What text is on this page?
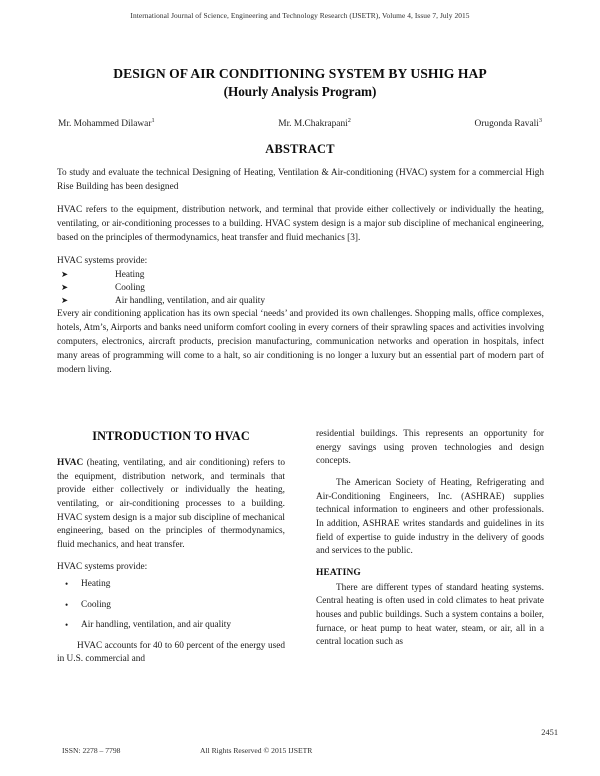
International Journal of Science, Engineering and Technology Research (IJSETR), Volume 4, Issue 7, July 2015
DESIGN OF AIR CONDITIONING SYSTEM BY USHIG HAP
(Hourly Analysis Program)
Mr. Mohammed Dilawar$^1$	Mr. M.Chakrapani$^2$	Orugonda Ravali$^3$
ABSTRACT

To study and evaluate the technical Designing of Heating, Ventilation & Air-conditioning (HVAC) system for a commercial High Rise Building has been designed

HVAC refers to the equipment, distribution network, and terminal that provide either collectively or individually the heating, ventilating, or air-conditioning processes to a building. HVAC system design is a major sub discipline of mechanical engineering, based on the principles of thermodynamics, heat transfer and fluid mechanics [3].

HVAC systems provide:

➤	Heating
➤	Cooling
➤	Air handling, ventilation, and air quality

Every air conditioning application has its own special ‘needs’ and provided its own challenges. Shopping malls, office complexes, hotels, Atm’s, Airports and banks need uniform comfort cooling in every corners of their sprawling spaces and activities involving computers, electronics, aircraft products, precision manufacturing, communication networks and operation in hospitals, infect many areas of programming will come to a halt, so air conditioning is no longer a luxury but an essential part of modern part of modern living.

INTRODUCTION TO HVAC

HVAC (heating, ventilating, and air conditioning) refers to the equipment, distribution network, and terminals that provide either collectively or individually the heating, ventilating, or air-conditioning processes to a building. HVAC system design is a major sub discipline of mechanical engineering, based on the principles of thermodynamics, fluid mechanics, and heat transfer.

HVAC systems provide:

•	Heating
•	Cooling
•	Air handling, ventilation, and air quality

HVAC accounts for 40 to 60 percent of the energy used in U.S. commercial and

residential buildings. This represents an opportunity for energy savings using proven technologies and design concepts.

The American Society of Heating, Refrigerating and Air-Conditioning Engineers, Inc. (ASHRAE) supplies technical information to engineers and other professionals. In addition, ASHRAE writes standards and guidelines in its field of expertise to guide industry in the delivery of goods and services to the public.

HEATING

There are different types of standard heating systems. Central heating is often used in cold climates to heat private houses and public buildings. Such a system contains a boiler, furnace, or heat pump to heat water, steam, or air, all in a central location such as

2451
ISSN: 2278 – 7798	All Rights Reserved © 2015 IJSETR
